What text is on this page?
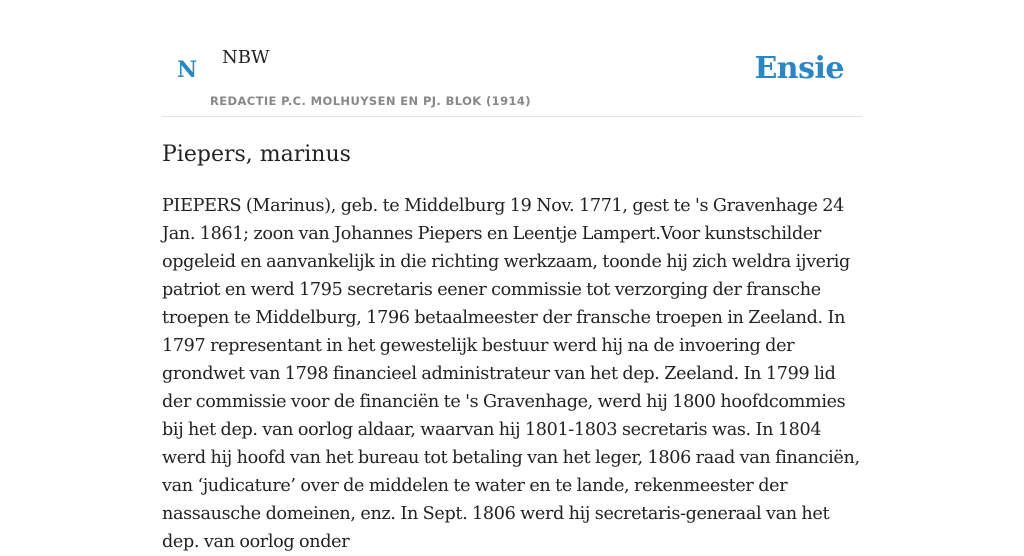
N NBW
REDACTIE P.C. MOLHUYSEN EN PJ. BLOK (1914)
Ensie
Piepers, marinus

PIEPERS (Marinus), geb. te Middelburg 19 Nov. 1771, gest te 's Gravenhage 24 Jan. 1861; zoon van Johannes Piepers en Leentje Lampert.Voor kunstschilder opgeleid en aanvankelijk in die richting werkzaam, toonde hij zich weldra ijverig patriot en werd 1795 secretaris eener commissie tot verzorging der fransche troepen te Middelburg, 1796 betaalmeester der fransche troepen in Zeeland. In 1797 representant in het gewestelijk bestuur werd hij na de invoering der grondwet van 1798 financieel administrateur van het dep. Zeeland. In 1799 lid der commissie voor de financiën te 's Gravenhage, werd hij 1800 hoofdcommies bij het dep. van oorlog aldaar, waarvan hij 1801-1803 secretaris was. In 1804 werd hij hoofd van het bureau tot betaling van het leger, 1806 raad van financiën, van ‘judicature’ over de middelen te water en te lande, rekenmeester der nassausche domeinen, enz. In Sept. 1806 werd hij secretaris-generaal van het dep. van oorlog onder
